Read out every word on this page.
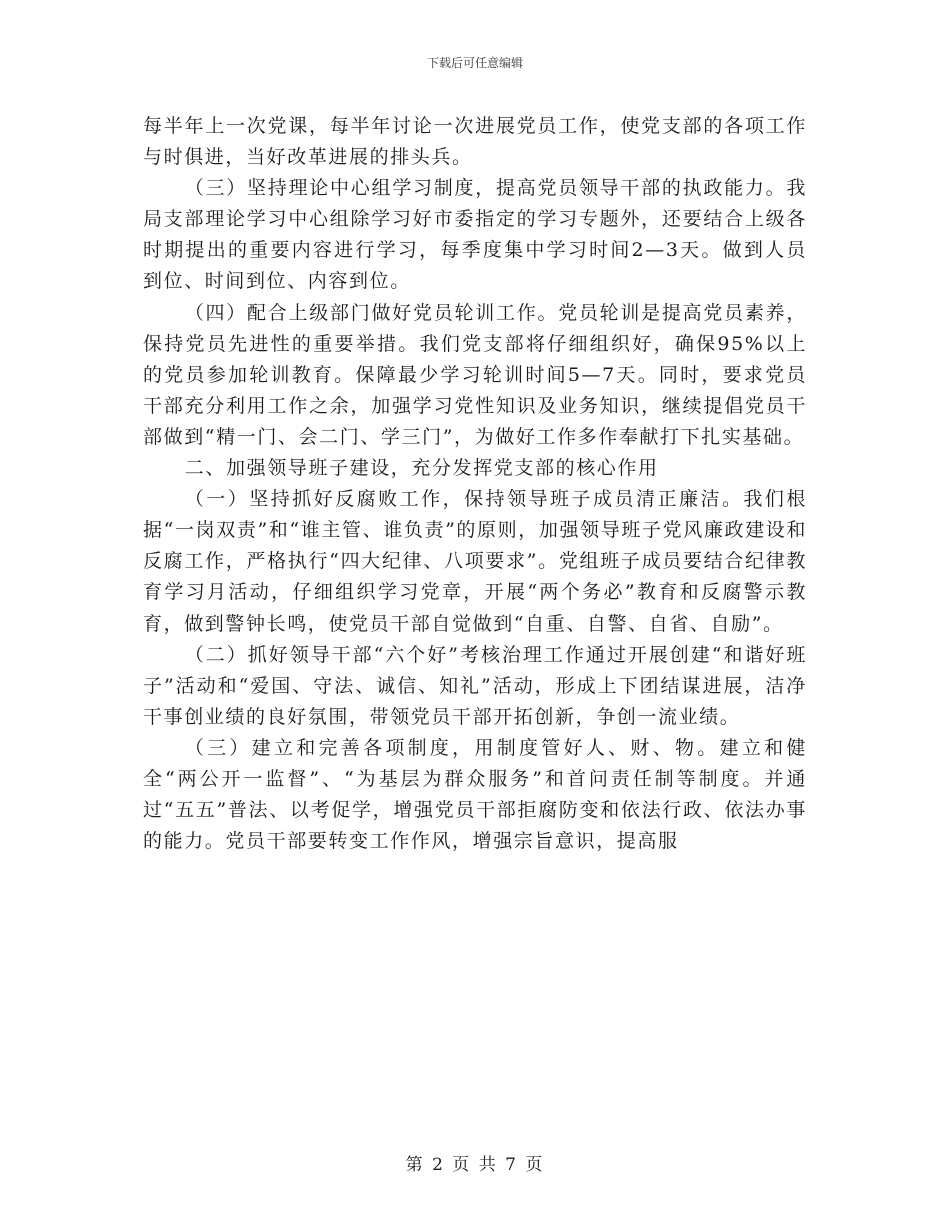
下载后可任意编辑

每半年上一次党课，每半年讨论一次进展党员工作，使党支部的各项工作与时俱进，当好改革进展的排头兵。

（三）坚持理论中心组学习制度，提高党员领导干部的执政能力。我局支部理论学习中心组除学习好市委指定的学习专题外，还要结合上级各时期提出的重要内容进行学习，每季度集中学习时间2—3天。做到人员到位、时间到位、内容到位。

（四）配合上级部门做好党员轮训工作。党员轮训是提高党员素养，保持党员先进性的重要举措。我们党支部将仔细组织好，确保95%以上的党员参加轮训教育。保障最少学习轮训时间5—7天。同时，要求党员干部充分利用工作之余，加强学习党性知识及业务知识，继续提倡党员干部做到“精一门、会二门、学三门”，为做好工作多作奉献打下扎实基础。

二、加强领导班子建设，充分发挥党支部的核心作用

（一）坚持抓好反腐败工作，保持领导班子成员清正廉洁。我们根据“一岗双责”和“谁主管、谁负责”的原则，加强领导班子党风廉政建设和反腐工作，严格执行“四大纪律、八项要求”。党组班子成员要结合纪律教育学习月活动，仔细组织学习党章，开展“两个务必”教育和反腐警示教育，做到警钟长鸣，使党员干部自觉做到“自重、自警、自省、自励”。

（二）抓好领导干部“六个好”考核治理工作通过开展创建“和谐好班子”活动和“爱国、守法、诚信、知礼”活动，形成上下团结谋进展，洁净干事创业绩的良好氛围，带领党员干部开拓创新，争创一流业绩。

（三）建立和完善各项制度，用制度管好人、财、物。建立和健全“两公开一监督”、“为基层为群众服务”和首问责任制等制度。并通过“五五”普法、以考促学，增强党员干部拒腐防变和依法行政、依法办事的能力。党员干部要转变工作作风，增强宗旨意识，提高服

第 2 页 共 7 页
